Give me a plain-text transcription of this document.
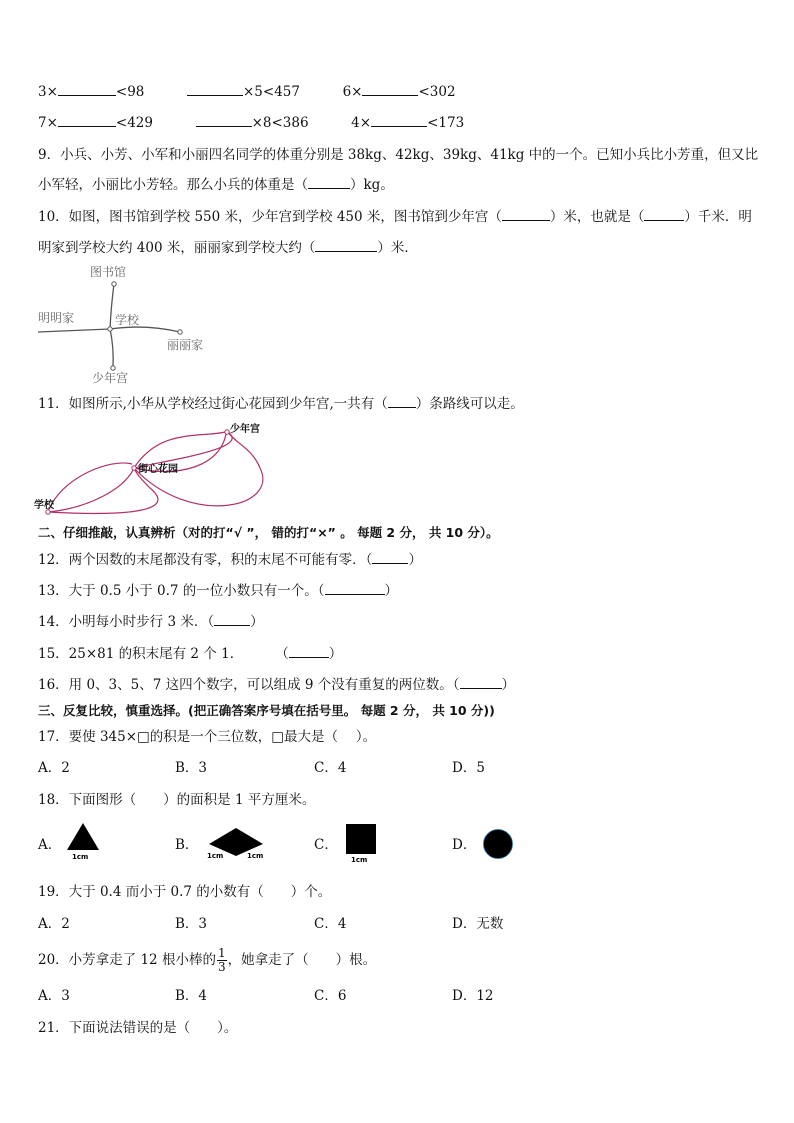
3×	<98	×5<457	6×	<302
7×	<429	×8<386	4×	<173
9．小兵、小芳、小军和小丽四名同学的体重分别是 38kg、42kg、39kg、41kg 中的一个。已知小兵比小芳重，但又比
小军轻，小丽比小芳轻。那么小兵的体重是（	）kg。
10．如图，图书馆到学校 550 米，少年宫到学校 450 米，图书馆到少年宫（	）米，也就是（	）千米．明
明家到学校大约 400 米，丽丽家到学校大约（	）米．
图书馆
明明家	学校
丽丽家
少年宫
11．如图所示,小华从学校经过街心花园到少年宫,一共有（ ）条路线可以走。
少年宫
街心花园
学校
二、仔细推敲，认真辨析（对的打“√ ”， 错的打“×” 。 每题 2 分， 共 10 分）。
12．两个因数的末尾都没有零，积的末尾不可能有零．（	）
13．大于 0.5 小于 0.7 的一位小数只有一个。（	）
14．小明每小时步行 3 米．（	）
15．25×81 的积末尾有 2 个 1． （	）
16．用 0、3、5、7 这四个数字，可以组成 9 个没有重复的两位数。（	）
三、反复比较，慎重选择。(把正确答案序号填在括号里。 每题 2 分， 共 10 分))
17．要使 345×□的积是一个三位数，□最大是（　 ）。
A．2	B．3	C．4	D．5
18．下面图形（　　）的面积是 1 平方厘米。
A．	B．	C．	D．
1cm	1cm	1cm	1cm
19．大于 0.4 而小于 0.7 的小数有（　　）个。
A．2	B．3	C．4	D．无数
20．小芳拿走了 12 根小棒的 $\frac{1}{3}$ ，她拿走了（　　）根。
A．3	B．4	C．6	D．12
21．下面说法错误的是（　　）。
